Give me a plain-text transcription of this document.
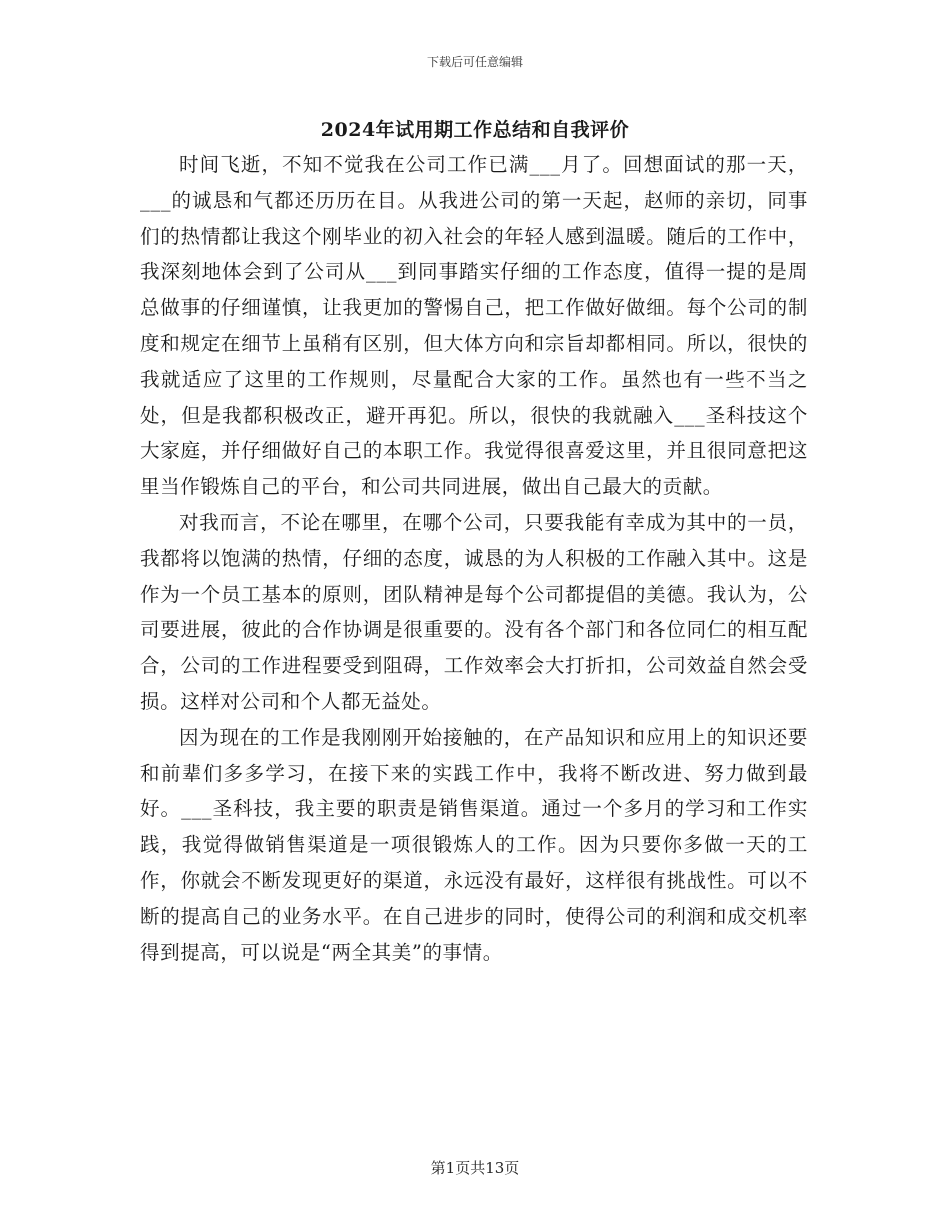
下载后可任意编辑
2024年试用期工作总结和自我评价

时间飞逝，不知不觉我在公司工作已满___月了。回想面试的那一天，___的诚恳和气都还历历在目。从我进公司的第一天起，赵师的亲切，同事们的热情都让我这个刚毕业的初入社会的年轻人感到温暖。随后的工作中，我深刻地体会到了公司从___到同事踏实仔细的工作态度，值得一提的是周总做事的仔细谨慎，让我更加的警惕自己，把工作做好做细。每个公司的制度和规定在细节上虽稍有区别，但大体方向和宗旨却都相同。所以，很快的我就适应了这里的工作规则，尽量配合大家的工作。虽然也有一些不当之处，但是我都积极改正，避开再犯。所以，很快的我就融入___圣科技这个大家庭，并仔细做好自己的本职工作。我觉得很喜爱这里，并且很同意把这里当作锻炼自己的平台，和公司共同进展，做出自己最大的贡献。

对我而言，不论在哪里，在哪个公司，只要我能有幸成为其中的一员，我都将以饱满的热情，仔细的态度，诚恳的为人积极的工作融入其中。这是作为一个员工基本的原则，团队精神是每个公司都提倡的美德。我认为，公司要进展，彼此的合作协调是很重要的。没有各个部门和各位同仁的相互配合，公司的工作进程要受到阻碍，工作效率会大打折扣，公司效益自然会受损。这样对公司和个人都无益处。

因为现在的工作是我刚刚开始接触的，在产品知识和应用上的知识还要和前辈们多多学习，在接下来的实践工作中，我将不断改进、努力做到最好。___圣科技，我主要的职责是销售渠道。通过一个多月的学习和工作实践，我觉得做销售渠道是一项很锻炼人的工作。因为只要你多做一天的工作，你就会不断发现更好的渠道，永远没有最好，这样很有挑战性。可以不断的提高自己的业务水平。在自己进步的同时，使得公司的利润和成交机率得到提高，可以说是“两全其美”的事情。

第1页共13页
